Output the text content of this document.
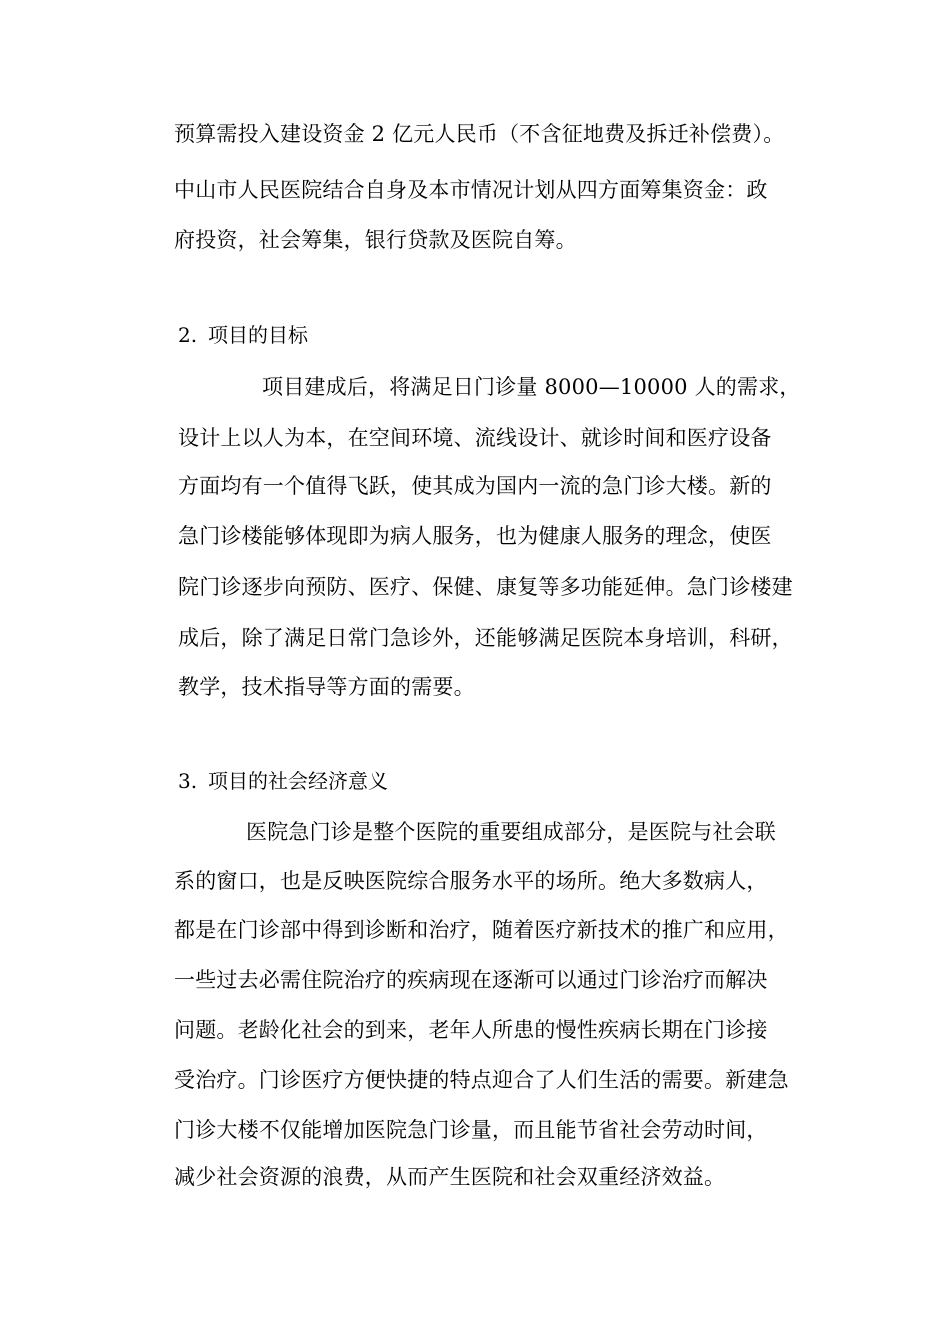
预算需投入建设资金 2 亿元人民币（不含征地费及拆迁补偿费）。
中山市人民医院结合自身及本市情况计划从四方面筹集资金：政
府投资，社会筹集，银行贷款及医院自筹。
2. 项目的目标
项目建成后，将满足日门诊量 8000—10000 人的需求，
设计上以人为本，在空间环境、流线设计、就诊时间和医疗设备
方面均有一个值得飞跃，使其成为国内一流的急门诊大楼。新的
急门诊楼能够体现即为病人服务，也为健康人服务的理念，使医
院门诊逐步向预防、医疗、保健、康复等多功能延伸。急门诊楼建
成后，除了满足日常门急诊外，还能够满足医院本身培训，科研，
教学，技术指导等方面的需要。
3. 项目的社会经济意义
医院急门诊是整个医院的重要组成部分，是医院与社会联
系的窗口，也是反映医院综合服务水平的场所。绝大多数病人，
都是在门诊部中得到诊断和治疗，随着医疗新技术的推广和应用，
一些过去必需住院治疗的疾病现在逐渐可以通过门诊治疗而解决
问题。老龄化社会的到来，老年人所患的慢性疾病长期在门诊接
受治疗。门诊医疗方便快捷的特点迎合了人们生活的需要。新建急
门诊大楼不仅能增加医院急门诊量，而且能节省社会劳动时间，
减少社会资源的浪费，从而产生医院和社会双重经济效益。
